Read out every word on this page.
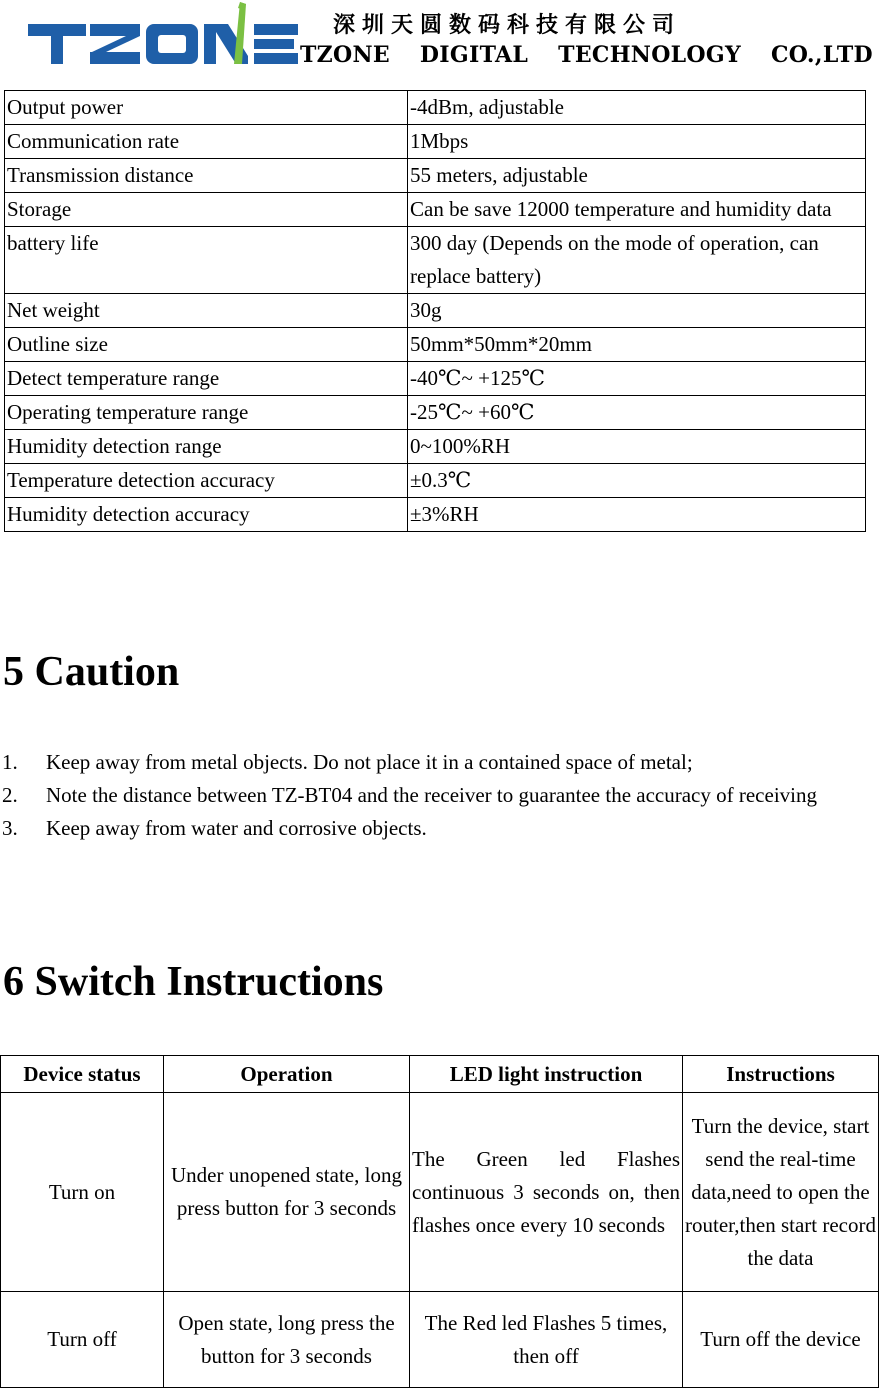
深圳天圆数码科技有限公司
TZONE DIGITAL TECHNOLOGY CO.,LTD
Output power	-4dBm, adjustable
Communication rate	1Mbps
Transmission distance	55 meters, adjustable
Storage	Can be save 12000 temperature and humidity data
battery life	300 day (Depends on the mode of operation, can replace battery)
Net weight	30g
Outline size	50mm*50mm*20mm
Detect temperature range	-40℃~ +125℃
Operating temperature range	-25℃~ +60℃
Humidity detection range	0~100%RH
Temperature detection accuracy	±0.3℃
Humidity detection accuracy	±3%RH
5 Caution
1. Keep away from metal objects. Do not place it in a contained space of metal;
2. Note the distance between TZ-BT04 and the receiver to guarantee the accuracy of receiving
3. Keep away from water and corrosive objects.
6 Switch Instructions
Device status	Operation	LED light instruction	Instructions
Turn on	Under unopened state, long press button for 3 seconds	The Green led Flashes continuous 3 seconds on, then flashes once every 10 seconds	Turn the device, start send the real-time data,need to open the router,then start record the data
Turn off	Open state, long press the button for 3 seconds	The Red led Flashes 5 times, then off	Turn off the device
